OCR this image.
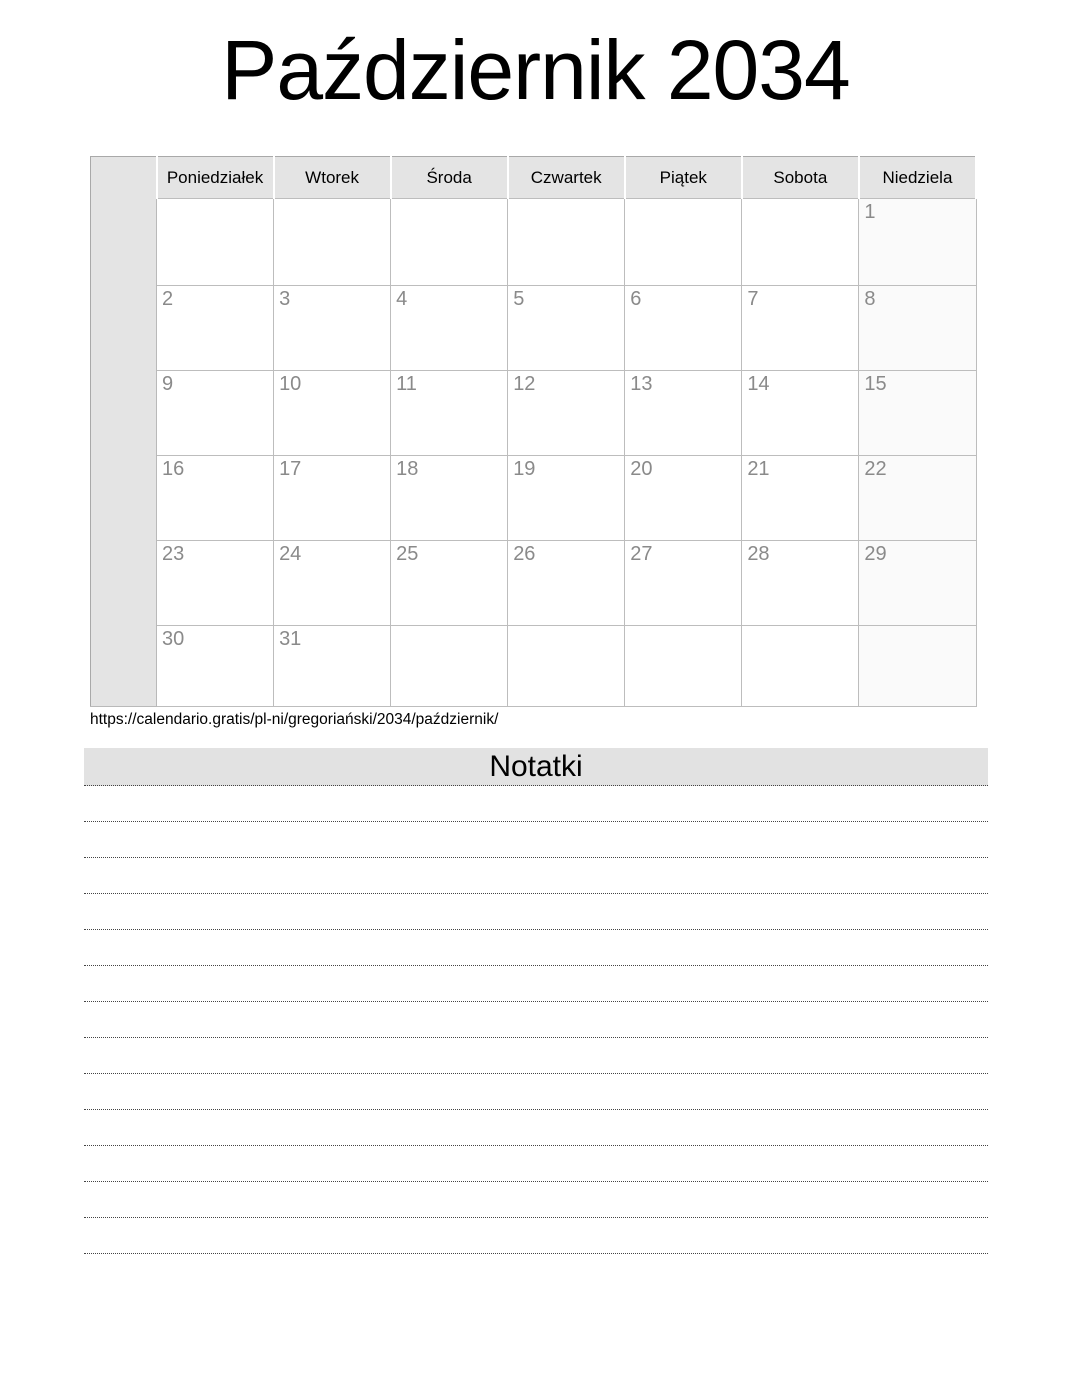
Październik 2034
	Poniedziałek	Wtorek	Środa	Czwartek	Piątek	Sobota	Niedziela
							1
	2	3	4	5	6	7	8
	9	10	11	12	13	14	15
	16	17	18	19	20	21	22
	23	24	25	26	27	28	29
	30	31					
https://calendario.gratis/pl-ni/gregoriański/2034/październik/
Notatki
